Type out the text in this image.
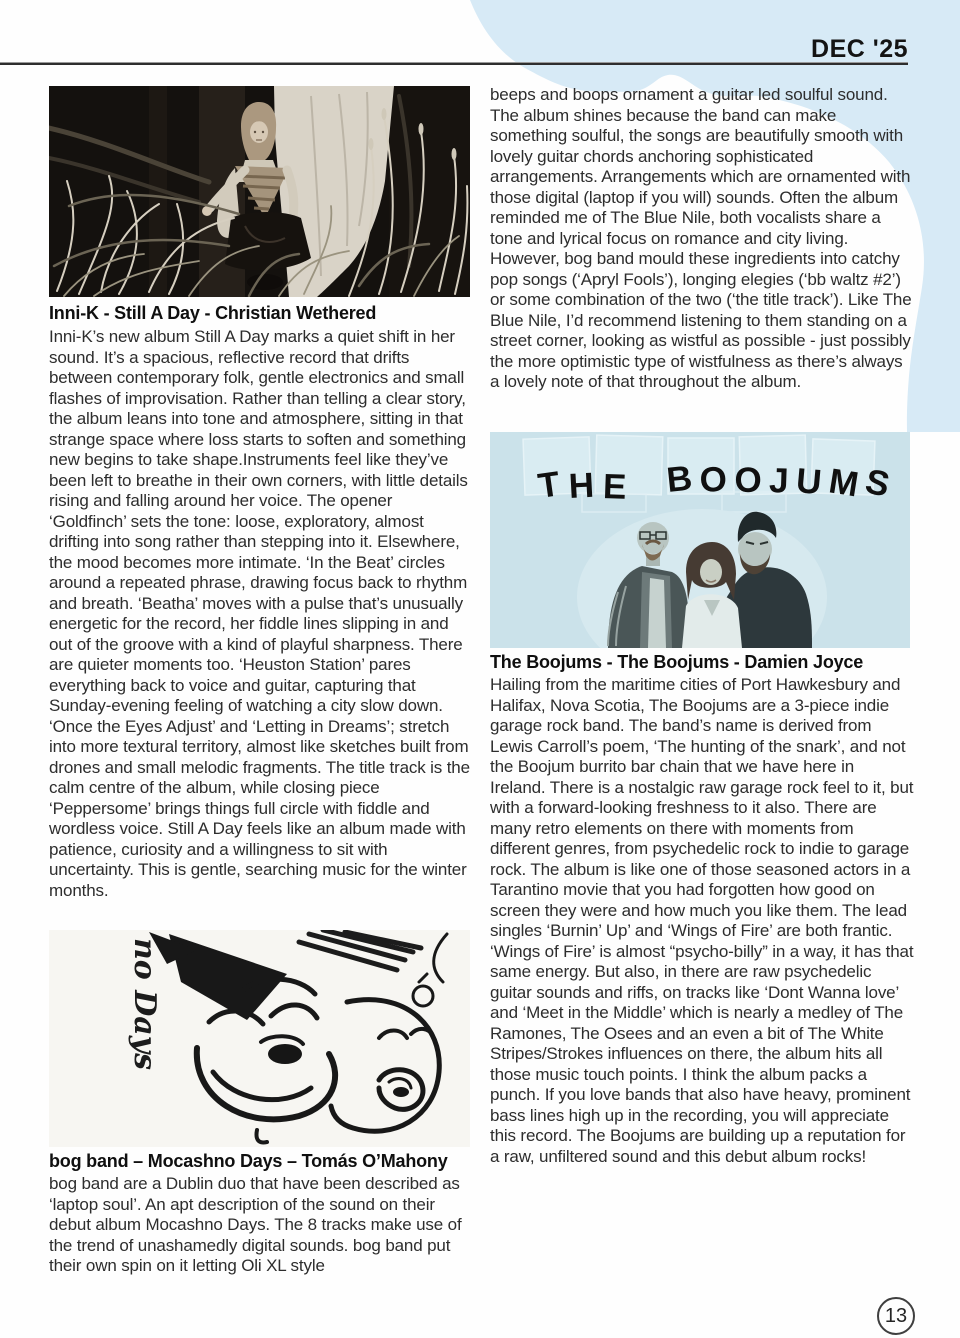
DEC '25
Inni-K - Still A Day - Christian Wethered

Inni-K’s new album Still A Day marks a quiet shift in her sound. It’s a spacious, reflective record that drifts between contemporary folk, gentle electronics and small flashes of improvisation. Rather than telling a clear story, the album leans into tone and atmosphere, sitting in that strange space where loss starts to soften and something new begins to take shape.Instruments feel like they’ve been left to breathe in their own corners, with little details rising and falling around her voice. The opener ‘Goldfinch’ sets the tone: loose, exploratory, almost drifting into song rather than stepping into it. Elsewhere, the mood becomes more intimate. ‘In the Beat’ circles around a repeated phrase, drawing focus back to rhythm and breath. ‘Beatha’ moves with a pulse that’s unusually energetic for the record, her fiddle lines slipping in and out of the groove with a kind of playful sharpness. There are quieter moments too. ‘Heuston Station’ pares everything back to voice and guitar, capturing that Sunday-evening feeling of watching a city slow down. ‘Once the Eyes Adjust’ and ‘Letting in Dreams’; stretch into more textural territory, almost like sketches built from drones and small melodic fragments. The title track is the calm centre of the album, while closing piece ‘Peppersome’ brings things full circle with fiddle and wordless voice. Still A Day feels like an album made with patience, curiosity and a willingness to sit with uncertainty. This is gentle, searching music for the winter months.

no Days
bog band – Mocashno Days – Tomás O’Mahony

bog band are a Dublin duo that have been described as ‘laptop soul’. An apt description of the sound on their debut album Mocashno Days. The 8 tracks make use of the trend of unashamedly digital sounds. bog band put their own spin on it letting Oli XL style

beeps and boops ornament a guitar led soulful sound. The album shines because the band can make something soulful, the songs are beautifully smooth with lovely guitar chords anchoring sophisticated arrangements. Arrangements which are ornamented with those digital (laptop if you will) sounds. Often the album reminded me of The Blue Nile, both vocalists share a tone and lyrical focus on romance and city living. However, bog band mould these ingredients into catchy pop songs (‘Apryl Fools’), longing elegies (‘bb waltz #2’) or some combination of the two (‘the title track’). Like The Blue Nile, I’d recommend listening to them standing on a street corner, looking as wistful as possible - just possibly the more optimistic type of wistfulness as there’s always a lovely note of that throughout the album.

THE BOOJUMS
The Boojums - The Boojums - Damien Joyce

Hailing from the maritime cities of Port Hawkesbury and Halifax, Nova Scotia, The Boojums are a 3-piece indie garage rock band. The band’s name is derived from Lewis Carroll’s poem, ‘The hunting of the snark’, and not the Boojum burrito bar chain that we have here in Ireland. There is a nostalgic raw garage rock feel to it, but with a forward-looking freshness to it also. There are many retro elements on there with moments from different genres, from psychedelic rock to indie to garage rock. The album is like one of those seasoned actors in a Tarantino movie that you had forgotten how good on screen they were and how much you like them. The lead singles ‘Burnin’ Up’ and ‘Wings of Fire’ are both frantic. ‘Wings of Fire’ is almost “psycho-billy” in a way, it has that same energy. But also, in there are raw psychedelic guitar sounds and riffs, on tracks like ‘Dont Wanna love’ and ‘Meet in the Middle’ which is nearly a medley of The Ramones, The Osees and an even a bit of The White Stripes/Strokes influences on there, the album hits all those music touch points. I think the album packs a punch. If you love bands that also have heavy, prominent bass lines high up in the recording, you will appreciate this record. The Boojums are building up a reputation for a raw, unfiltered sound and this debut album rocks!

13
